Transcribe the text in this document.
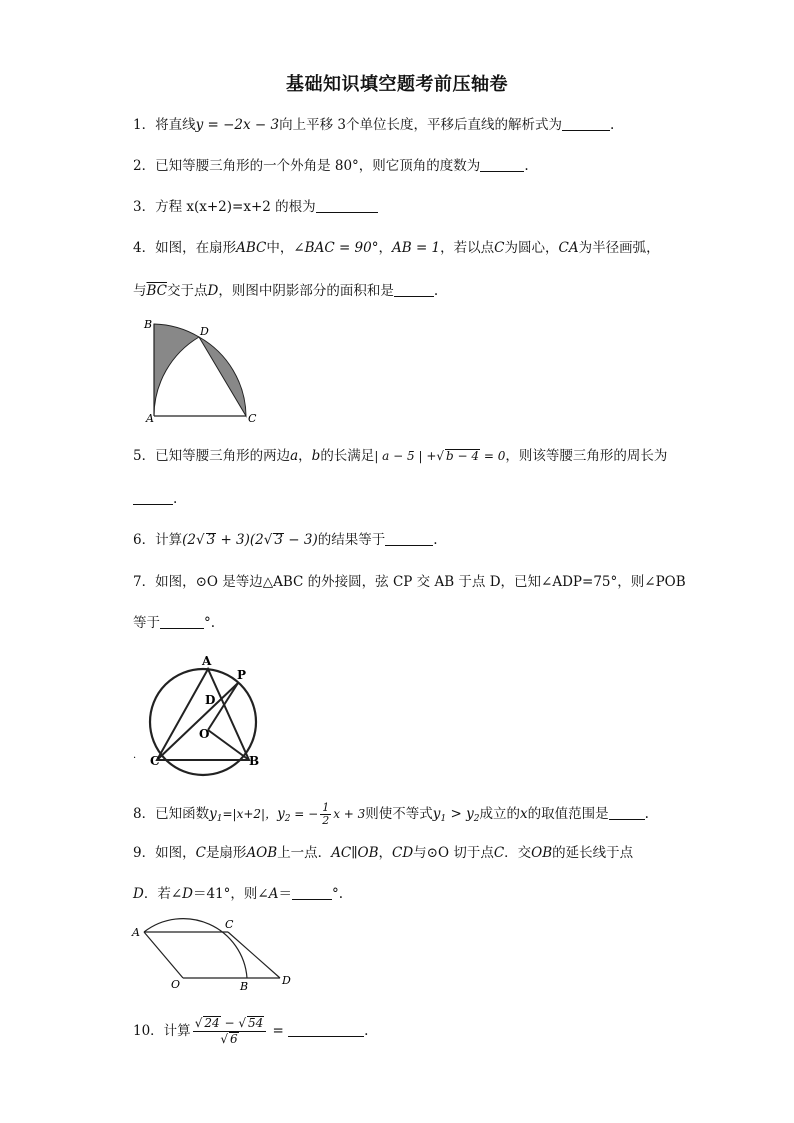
基础知识填空题考前压轴卷
1．将直线y = −2x − 3向上平移 3个单位长度，平移后直线的解析式为	.
2．已知等腰三角形的一个外角是 80°，则它顶角的度数为	.
3．方程 x(x+2)=x+2 的根为
4．如图，在扇形ABC中，∠BAC = 90°，AB = 1，若以点C为圆心，CA为半径画弧，
与$\overline{BC}$交于点D，则图中阴影部分的面积和是	.
B
D
A	C
5．已知等腰三角形的两边a，b的长满足| a − 5 | +√ b − 4 = 0，则该等腰三角形的周长为
.
6．计算(2√ 3 + 3)(2√ 3 − 3)的结果等于	.
7．如图，⊙O 是等边△ABC 的外接圆，弦 CP 交 AB 于点 D，已知∠ADP=75°，则∠POB
等于	°.
A
P
D
O
C	B
.
8．已知函数$y_1=|x+2|$，$y_2$ = − $\frac{1}{2}$ x + 3则使不等式$y_1 > y_2$成立的x的取值范围是	.
9．如图，C是扇形AOB上一点．AC∥OB，CD与⊙O 切于点C．交OB的延长线于点
D．若∠D＝41°，则∠A＝	°.
A
C
O	B	D
10．计算 $\frac{√ 24 - √ 54}{√ 6}$ =	.
